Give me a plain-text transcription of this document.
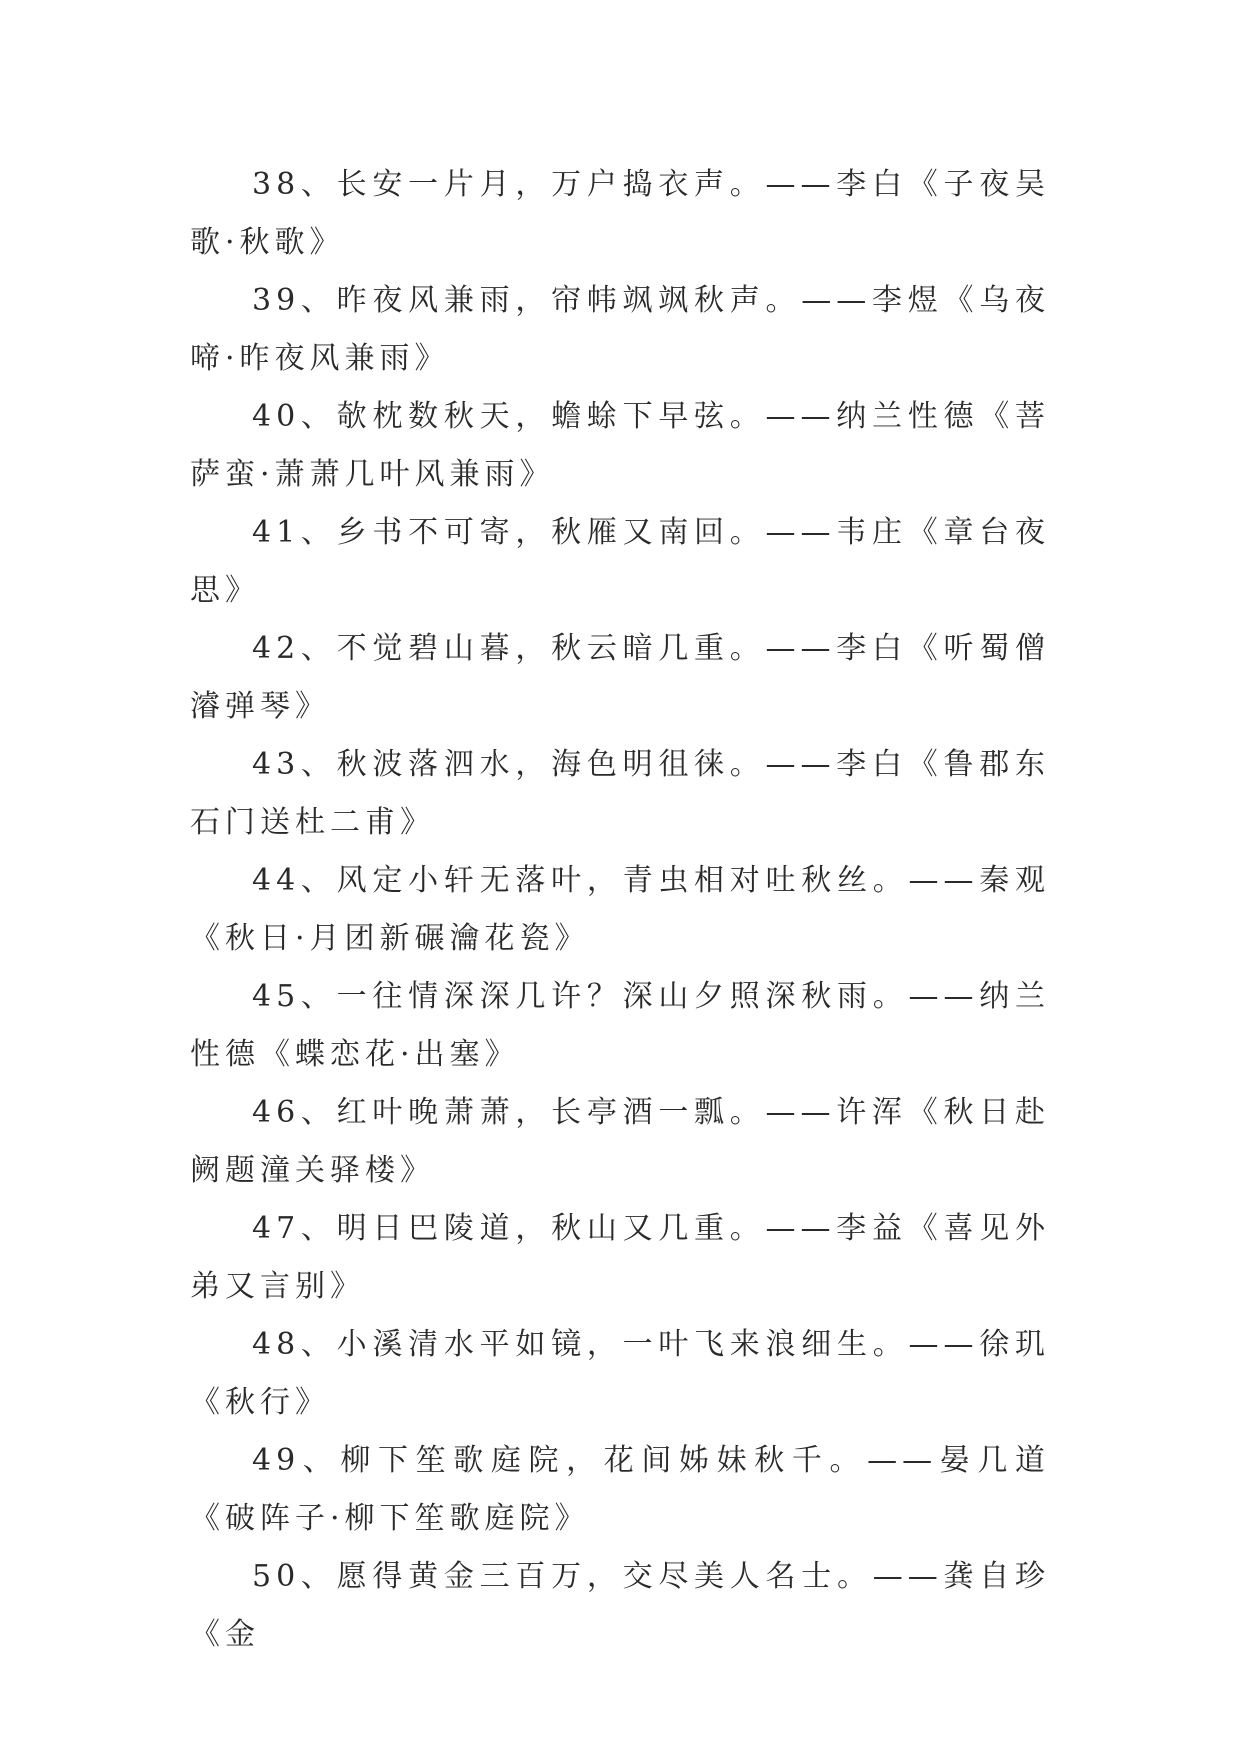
38、长安一片月，万户捣衣声。——李白《子夜吴歌·秋歌》

39、昨夜风兼雨，帘帏飒飒秋声。——李煜《乌夜啼·昨夜风兼雨》

40、欹枕数秋天，蟾蜍下早弦。——纳兰性德《菩萨蛮·萧萧几叶风兼雨》

41、乡书不可寄，秋雁又南回。——韦庄《章台夜思》

42、不觉碧山暮，秋云暗几重。——李白《听蜀僧濬弹琴》

43、秋波落泗水，海色明徂徕。——李白《鲁郡东石门送杜二甫》

44、风定小轩无落叶，青虫相对吐秋丝。——秦观《秋日·月团新碾瀹花瓷》

45、一往情深深几许？深山夕照深秋雨。——纳兰性德《蝶恋花·出塞》

46、红叶晚萧萧，长亭酒一瓢。——许浑《秋日赴阙题潼关驿楼》

47、明日巴陵道，秋山又几重。——李益《喜见外弟又言别》

48、小溪清水平如镜，一叶飞来浪细生。——徐玑《秋行》

49、柳下笙歌庭院，花间姊妹秋千。——晏几道《破阵子·柳下笙歌庭院》

50、愿得黄金三百万，交尽美人名士。——龚自珍《金
